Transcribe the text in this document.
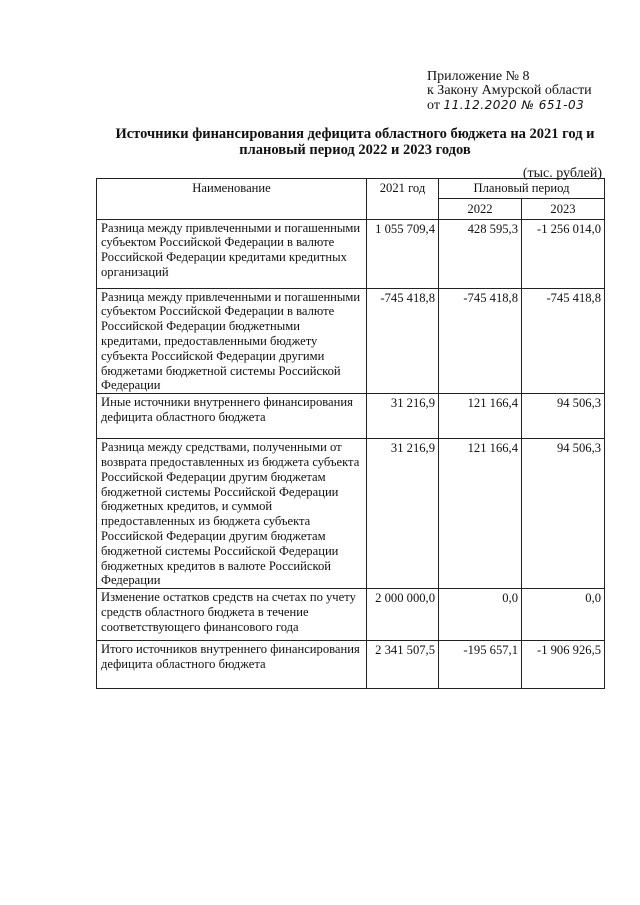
Приложение № 8
к Закону Амурской области
от 11.12.2020 № 651-03
Источники финансирования дефицита областного бюджета на 2021 год и плановый период 2022 и 2023 годов
(тыс. рублей)
Наименование	2021 год	Плановый период	
		2022	2023
Разница между привлеченными и погашенными субъектом Российской Федерации в валюте Российской Федерации кредитами кредитных организаций	1 055 709,4	428 595,3	-1 256 014,0
Разница между привлеченными и погашенными субъектом Российской Федерации в валюте Российской Федерации бюджетными кредитами, предоставленными бюджету субъекта Российской Федерации другими бюджетами бюджетной системы Российской Федерации	-745 418,8	-745 418,8	-745 418,8
Иные источники внутреннего финансирования дефицита областного бюджета	31 216,9	121 166,4	94 506,3
Разница между средствами, полученными от возврата предоставленных из бюджета субъекта Российской Федерации другим бюджетам бюджетной системы Российской Федерации бюджетных кредитов, и суммой предоставленных из бюджета субъекта Российской Федерации другим бюджетам бюджетной системы Российской Федерации бюджетных кредитов в валюте Российской Федерации	31 216,9	121 166,4	94 506,3
Изменение остатков средств на счетах по учету средств областного бюджета в течение соответствующего финансового года	2 000 000,0	0,0	0,0
Итого источников внутреннего финансирования дефицита областного бюджета	2 341 507,5	-195 657,1	-1 906 926,5
